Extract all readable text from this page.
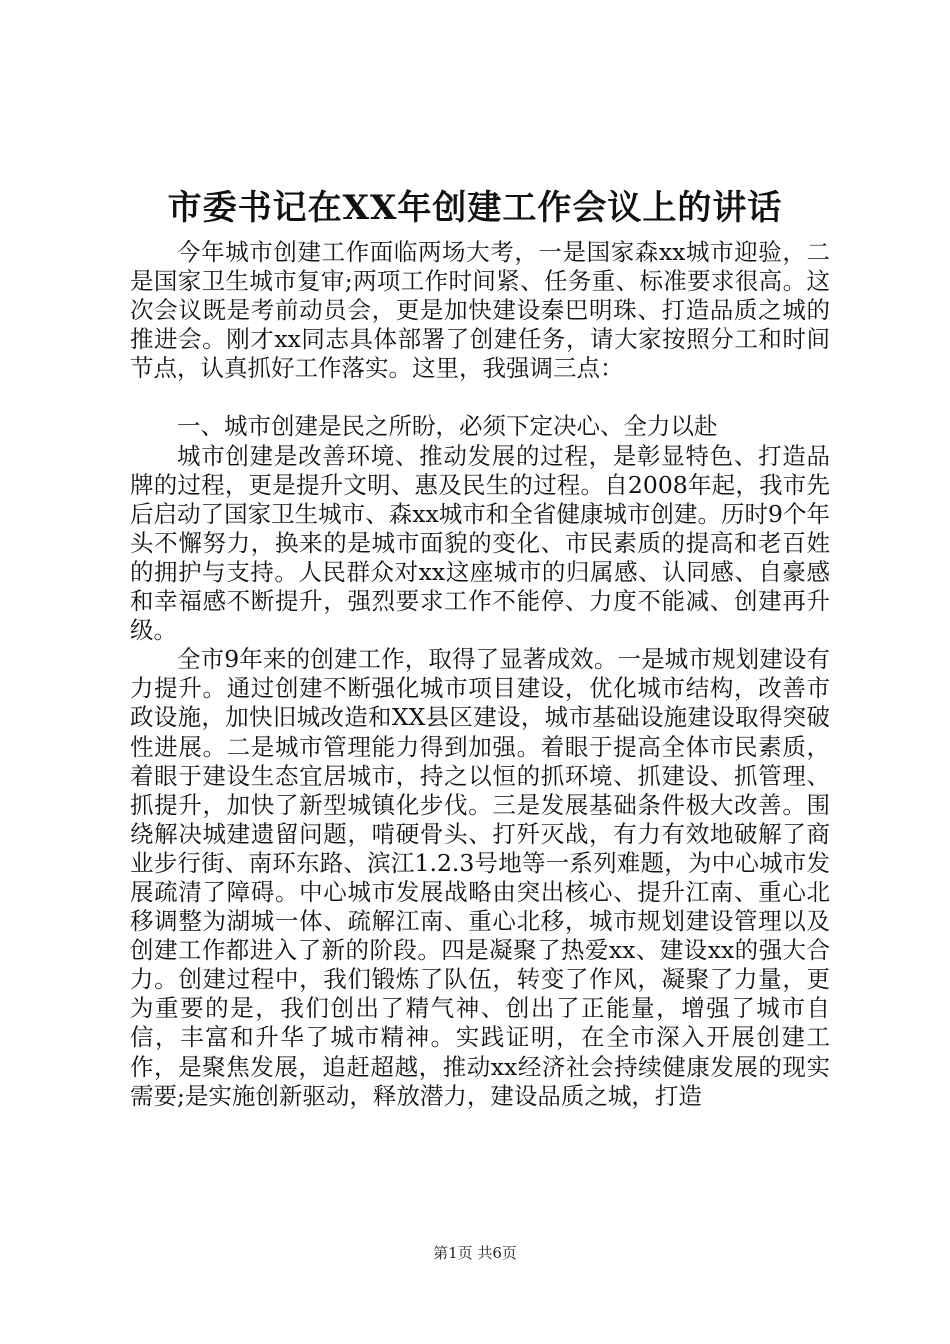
市委书记在XX年创建工作会议上的讲话

今年城市创建工作面临两场大考，一是国家森xx城市迎验，二是国家卫生城市复审;两项工作时间紧、任务重、标准要求很高。这次会议既是考前动员会，更是加快建设秦巴明珠、打造品质之城的推进会。刚才xx同志具体部署了创建任务，请大家按照分工和时间节点，认真抓好工作落实。这里，我强调三点：

一、城市创建是民之所盼，必须下定决心、全力以赴

城市创建是改善环境、推动发展的过程，是彰显特色、打造品牌的过程，更是提升文明、惠及民生的过程。自2008年起，我市先后启动了国家卫生城市、森xx城市和全省健康城市创建。历时9个年头不懈努力，换来的是城市面貌的变化、市民素质的提高和老百姓的拥护与支持。人民群众对xx这座城市的归属感、认同感、自豪感和幸福感不断提升，强烈要求工作不能停、力度不能减、创建再升级。

全市9年来的创建工作，取得了显著成效。一是城市规划建设有力提升。通过创建不断强化城市项目建设，优化城市结构，改善市政设施，加快旧城改造和XX县区建设，城市基础设施建设取得突破性进展。二是城市管理能力得到加强。着眼于提高全体市民素质，着眼于建设生态宜居城市，持之以恒的抓环境、抓建设、抓管理、抓提升，加快了新型城镇化步伐。三是发展基础条件极大改善。围绕解决城建遗留问题，啃硬骨头、打歼灭战，有力有效地破解了商业步行街、南环东路、滨江1.2.3号地等一系列难题，为中心城市发展疏清了障碍。中心城市发展战略由突出核心、提升江南、重心北移调整为湖城一体、疏解江南、重心北移，城市规划建设管理以及创建工作都进入了新的阶段。四是凝聚了热爱xx、建设xx的强大合力。创建过程中，我们锻炼了队伍，转变了作风，凝聚了力量，更为重要的是，我们创出了精气神、创出了正能量，增强了城市自信，丰富和升华了城市精神。实践证明，在全市深入开展创建工作，是聚焦发展，追赶超越，推动xx经济社会持续健康发展的现实需要;是实施创新驱动，释放潜力，建设品质之城，打造

第1页 共6页
